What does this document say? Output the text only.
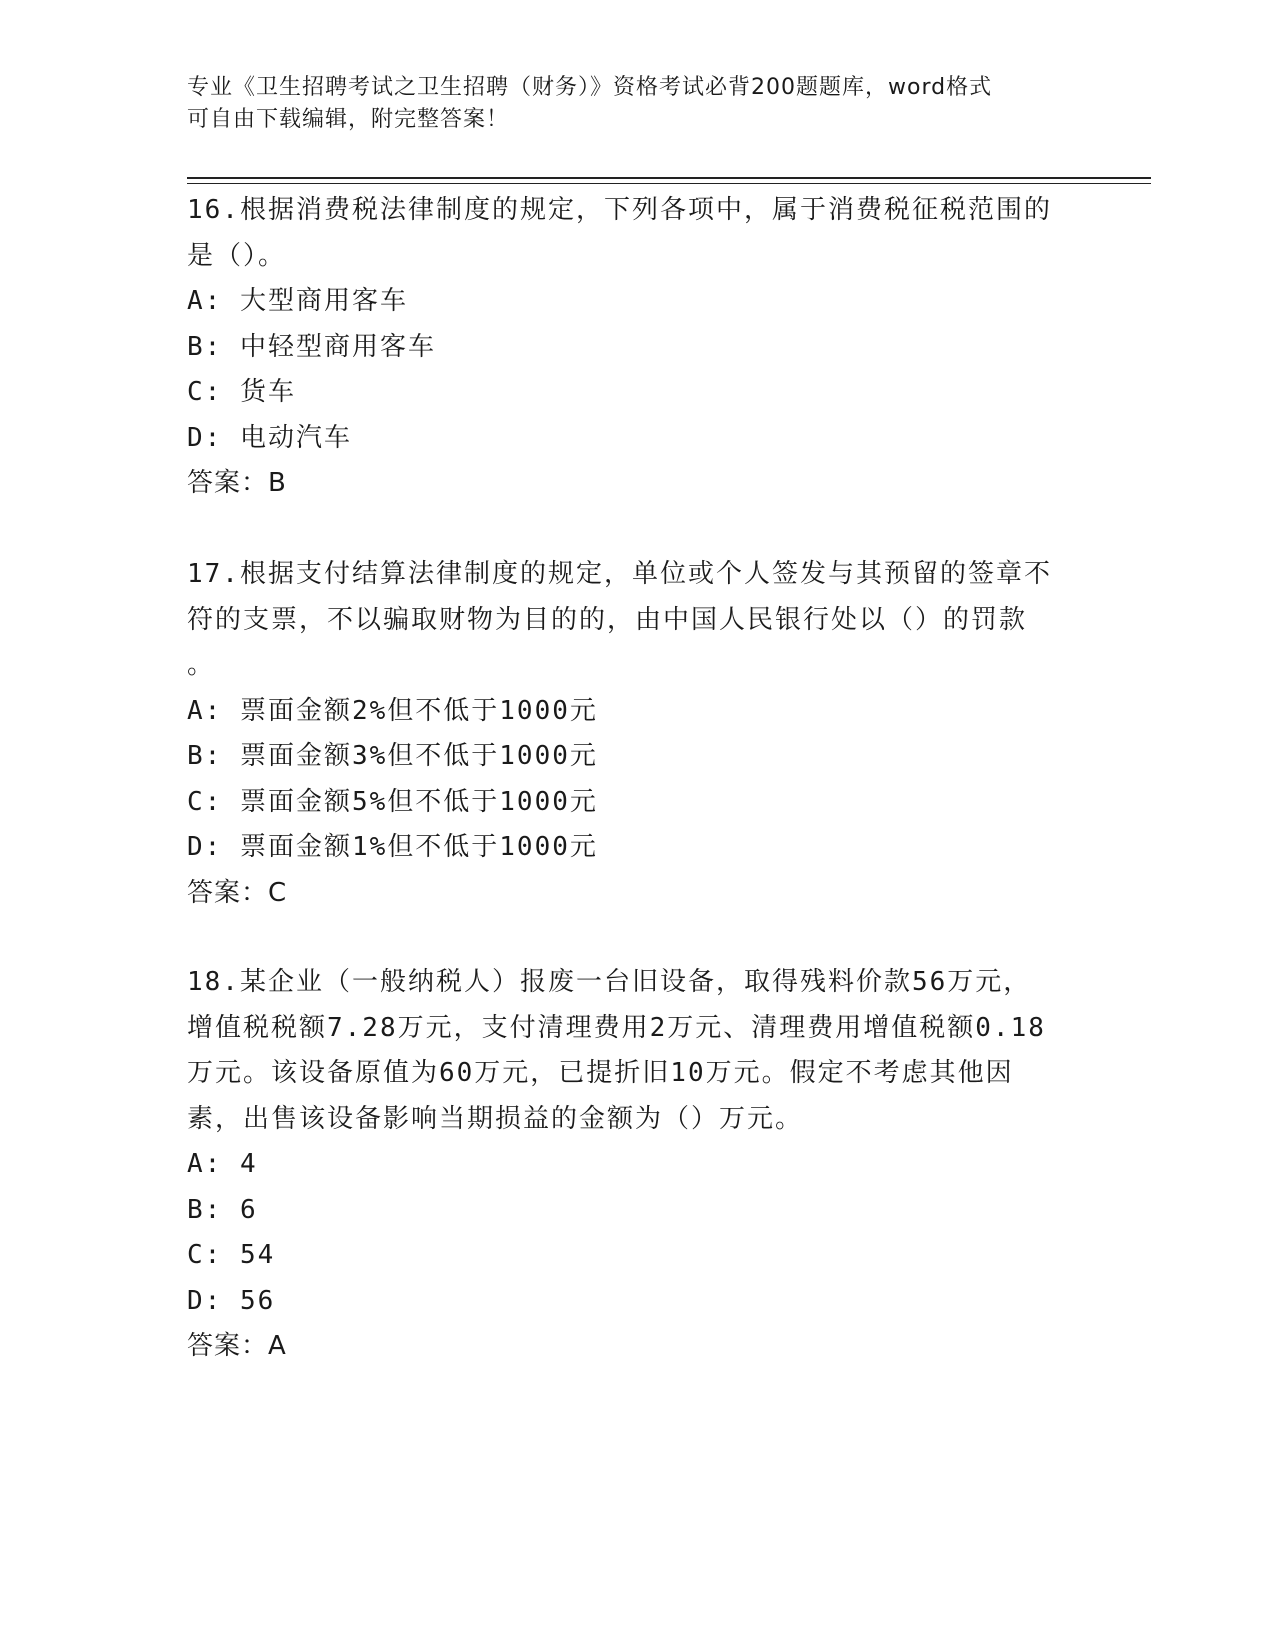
专业《卫生招聘考试之卫生招聘（财务）》资格考试必背200题题库，word格式
可自由下载编辑，附完整答案！
16.根据消费税法律制度的规定，下列各项中，属于消费税征税范围的
是（）。
A: 大型商用客车
B: 中轻型商用客车
C: 货车
D: 电动汽车
答案：B
17.根据支付结算法律制度的规定，单位或个人签发与其预留的签章不
符的支票，不以骗取财物为目的的，由中国人民银行处以（）的罚款
。
A: 票面金额2%但不低于1000元
B: 票面金额3%但不低于1000元
C: 票面金额5%但不低于1000元
D: 票面金额1%但不低于1000元
答案：C
18.某企业（一般纳税人）报废一台旧设备，取得残料价款56万元，
增值税税额7.28万元，支付清理费用2万元、清理费用增值税额0.18
万元。该设备原值为60万元，已提折旧10万元。假定不考虑其他因
素，出售该设备影响当期损益的金额为（）万元。
A: 4
B: 6
C: 54
D: 56
答案：A
